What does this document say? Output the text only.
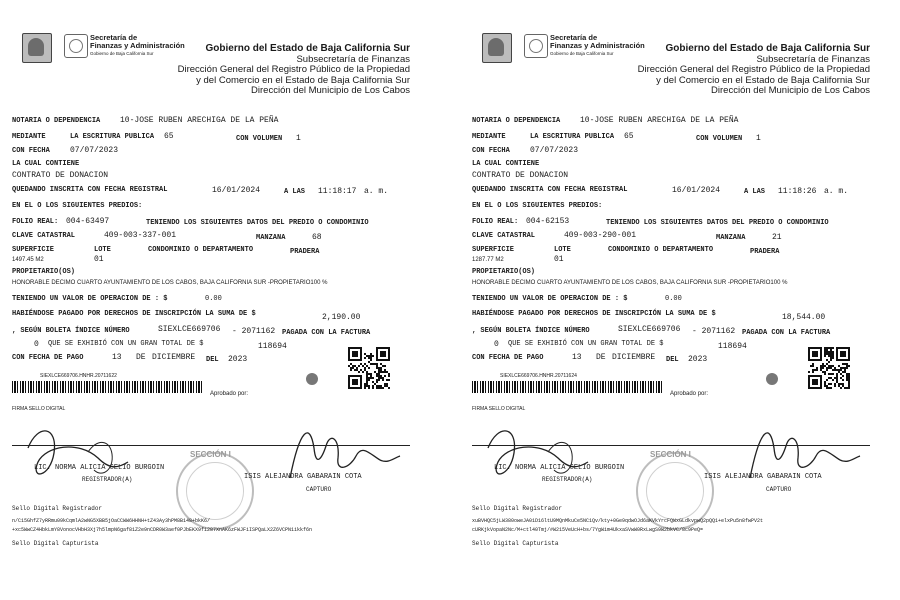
Secretaría de
Finanzas y Administración
Gobierno de Baja California Sur	Gobierno del Estado de Baja California Sur
Subsecretaría de Finanzas
Dirección General del Registro Público de la Propiedad
y del Comercio en el Estado de Baja California Sur
Dirección del Municipio de Los Cabos
NOTARIA O DEPENDENCIA 10-JOSE RUBEN ARECHIGA DE LA PEÑA
MEDIANTE	LA ESCRITURA PUBLICA 65	CON VOLUMEN 1
CON FECHA	07/07/2023
LA CUAL CONTIENE
CONTRATO DE DONACION
QUEDANDO INSCRITA CON FECHA REGISTRAL	16/01/2024	A LAS 11:18:17 a. m.
EN EL O LOS SIGUIENTES PREDIOS:
FOLIO REAL: 004-63497	TENIENDO LOS SIGUIENTES DATOS DEL PREDIO O CONDOMINIO
CLAVE CATASTRAL	409-003-337-001	MANZANA	68
SUPERFICIE	LOTE	CONDOMINIO O DEPARTAMENTO	PRADERA
1497.45 M2	01
PROPIETARIO(OS)
HONORABLE DECIMO CUARTO AYUNTAMIENTO DE LOS CABOS, BAJA CALIFORNIA SUR -PROPIETARIO100 %
TENIENDO UN VALOR DE OPERACION DE : $	0.00
HABIÉNDOSE PAGADO POR DERECHOS DE INSCRIPCIÓN LA SUMA DE $	2,190.00
, SEGÚN BOLETA ÍNDICE NÚMERO	SIEXLCE669706 - 2071162 PAGADA CON LA FACTURA
0 QUE SE EXHIBIÓ CON UN GRAN TOTAL DE $	118694
CON FECHA DE PAGO	13 DE DICIEMBRE DEL 2023
SIEXLCE669706.HNHR.20711622
Aprobado por:
FIRMA SELLO DIGITAL
SECCIÓN I
LIC. NORMA ALICIA CELIO BURGOIN
REGISTRADOR(A)	ISIS ALEJANDRA GABARAIN COTA
CAPTURO
Sello Digital Registrador
n/C15GhfZ7yRRmu09kCqmlA2wNG5XBB5jOaCCWW6HHNH+tZ43Ay3hPM8B148+bkK6/
+xc5WwCZ4HbkLmY8VonocVHbH3Xj7h5lmpN6gaf81Z2e9nCDR0W3aef0PJbEKX9f1287XnAK6zFWJFiISPQaLX2Z6VCPN1ikkf6n
Sello Digital Capturista
Secretaría de
Finanzas y Administración
Gobierno de Baja California Sur	Gobierno del Estado de Baja California Sur
Subsecretaría de Finanzas
Dirección General del Registro Público de la Propiedad
y del Comercio en el Estado de Baja California Sur
Dirección del Municipio de Los Cabos
NOTARIA O DEPENDENCIA 10-JOSE RUBEN ARECHIGA DE LA PEÑA
MEDIANTE	LA ESCRITURA PUBLICA 65	CON VOLUMEN 1
CON FECHA	07/07/2023
LA CUAL CONTIENE
CONTRATO DE DONACION
QUEDANDO INSCRITA CON FECHA REGISTRAL	16/01/2024	A LAS 11:18:26 a. m.
EN EL O LOS SIGUIENTES PREDIOS:
FOLIO REAL: 004-62153	TENIENDO LOS SIGUIENTES DATOS DEL PREDIO O CONDOMINIO
CLAVE CATASTRAL	409-003-290-001	MANZANA	21
SUPERFICIE	LOTE	CONDOMINIO O DEPARTAMENTO	PRADERA
1287.77 M2	01
PROPIETARIO(OS)
HONORABLE DECIMO CUARTO AYUNTAMIENTO DE LOS CABOS, BAJA CALIFORNIA SUR -PROPIETARIO100 %
TENIENDO UN VALOR DE OPERACION DE : $	0.00
HABIÉNDOSE PAGADO POR DERECHOS DE INSCRIPCIÓN LA SUMA DE $	18,544.00
, SEGÚN BOLETA ÍNDICE NÚMERO	SIEXLCE669706 - 2071162 PAGADA CON LA FACTURA
0 QUE SE EXHIBIÓ CON UN GRAN TOTAL DE $	118694
CON FECHA DE PAGO	13 DE DICIEMBRE DEL 2023
SIEXLCE669706.HNHR.20711624
Aprobado por:
FIRMA SELLO DIGITAL
SECCIÓN I
LIC. NORMA ALICIA CELIO BURGOIN
REGISTRADOR(A)	ISIS ALEJANDRA GABARAIN COTA
CAPTURO
Sello Digital Registrador
xuBVHQC5jLW380oweJA01D16ltU9MQnMkuCe5NC1Qv/kty+0Ge9qdwOJd6aKVkYrcFQWxGLdkvpwQ2pQQ1+elxPu5n8fwPV2t
cURKjkVopaN2Nc/M+ctl40Tmj/#W215VeUcH+bs/7YgWim4UkxaSVwW0RxLwgS9W2bkVC/8c9PeQ=
Sello Digital Capturista
